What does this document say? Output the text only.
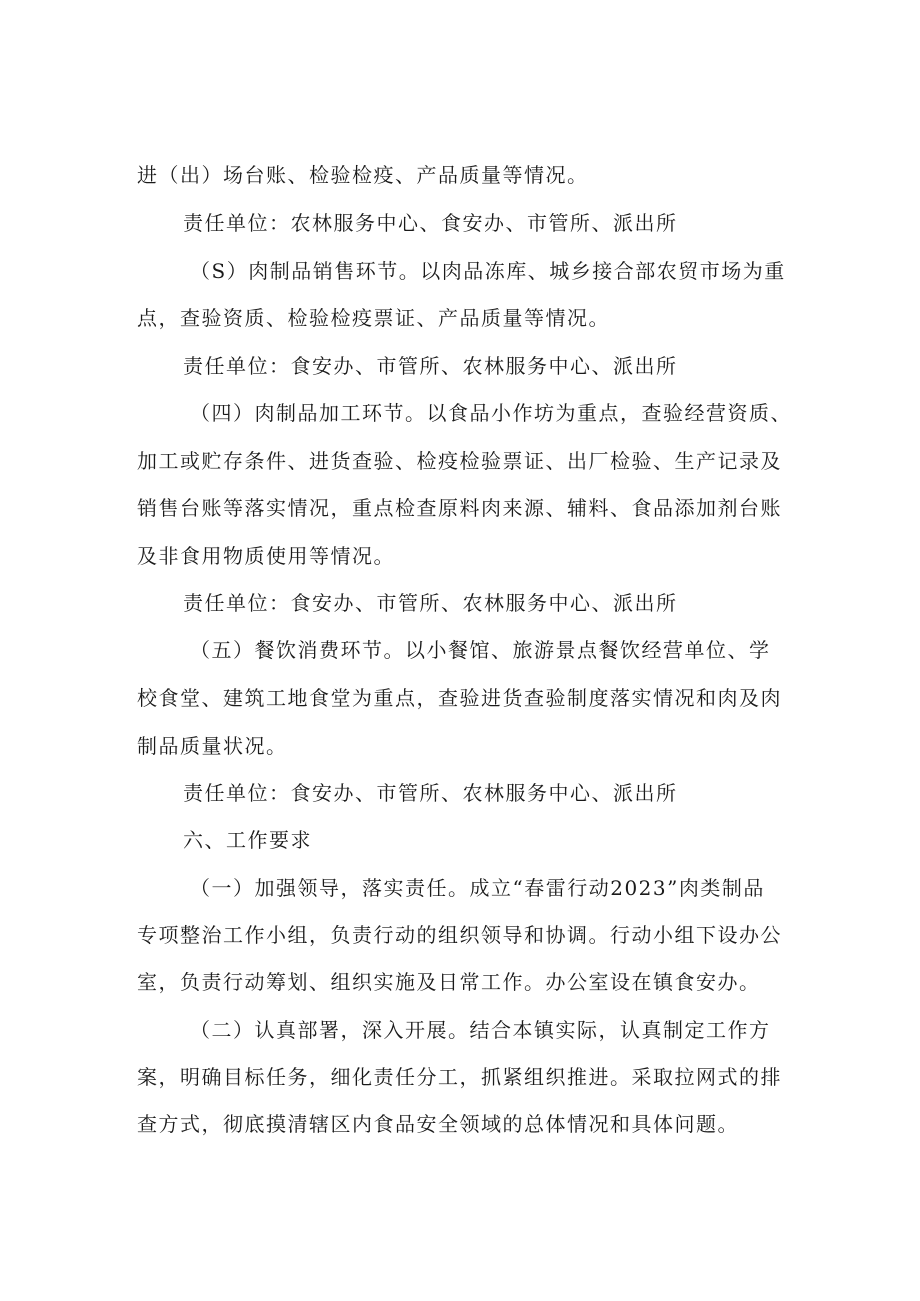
进（出）场台账、检验检疫、产品质量等情况。
责任单位：农林服务中心、食安办、市管所、派出所
（S）肉制品销售环节。以肉品冻库、城乡接合部农贸市场为重
点，查验资质、检验检疫票证、产品质量等情况。
责任单位：食安办、市管所、农林服务中心、派出所
（四）肉制品加工环节。以食品小作坊为重点，查验经营资质、
加工或贮存条件、进货查验、检疫检验票证、出厂检验、生产记录及
销售台账等落实情况，重点检查原料肉来源、辅料、食品添加剂台账
及非食用物质使用等情况。
责任单位：食安办、市管所、农林服务中心、派出所
（五）餐饮消费环节。以小餐馆、旅游景点餐饮经营单位、学
校食堂、建筑工地食堂为重点，查验进货查验制度落实情况和肉及肉
制品质量状况。
责任单位：食安办、市管所、农林服务中心、派出所
六、工作要求
（一）加强领导，落实责任。成立“春雷行动2023”肉类制品
专项整治工作小组，负责行动的组织领导和协调。行动小组下设办公
室，负责行动筹划、组织实施及日常工作。办公室设在镇食安办。
（二）认真部署，深入开展。结合本镇实际，认真制定工作方
案，明确目标任务，细化责任分工，抓紧组织推进。采取拉网式的排
查方式，彻底摸清辖区内食品安全领域的总体情况和具体问题。
